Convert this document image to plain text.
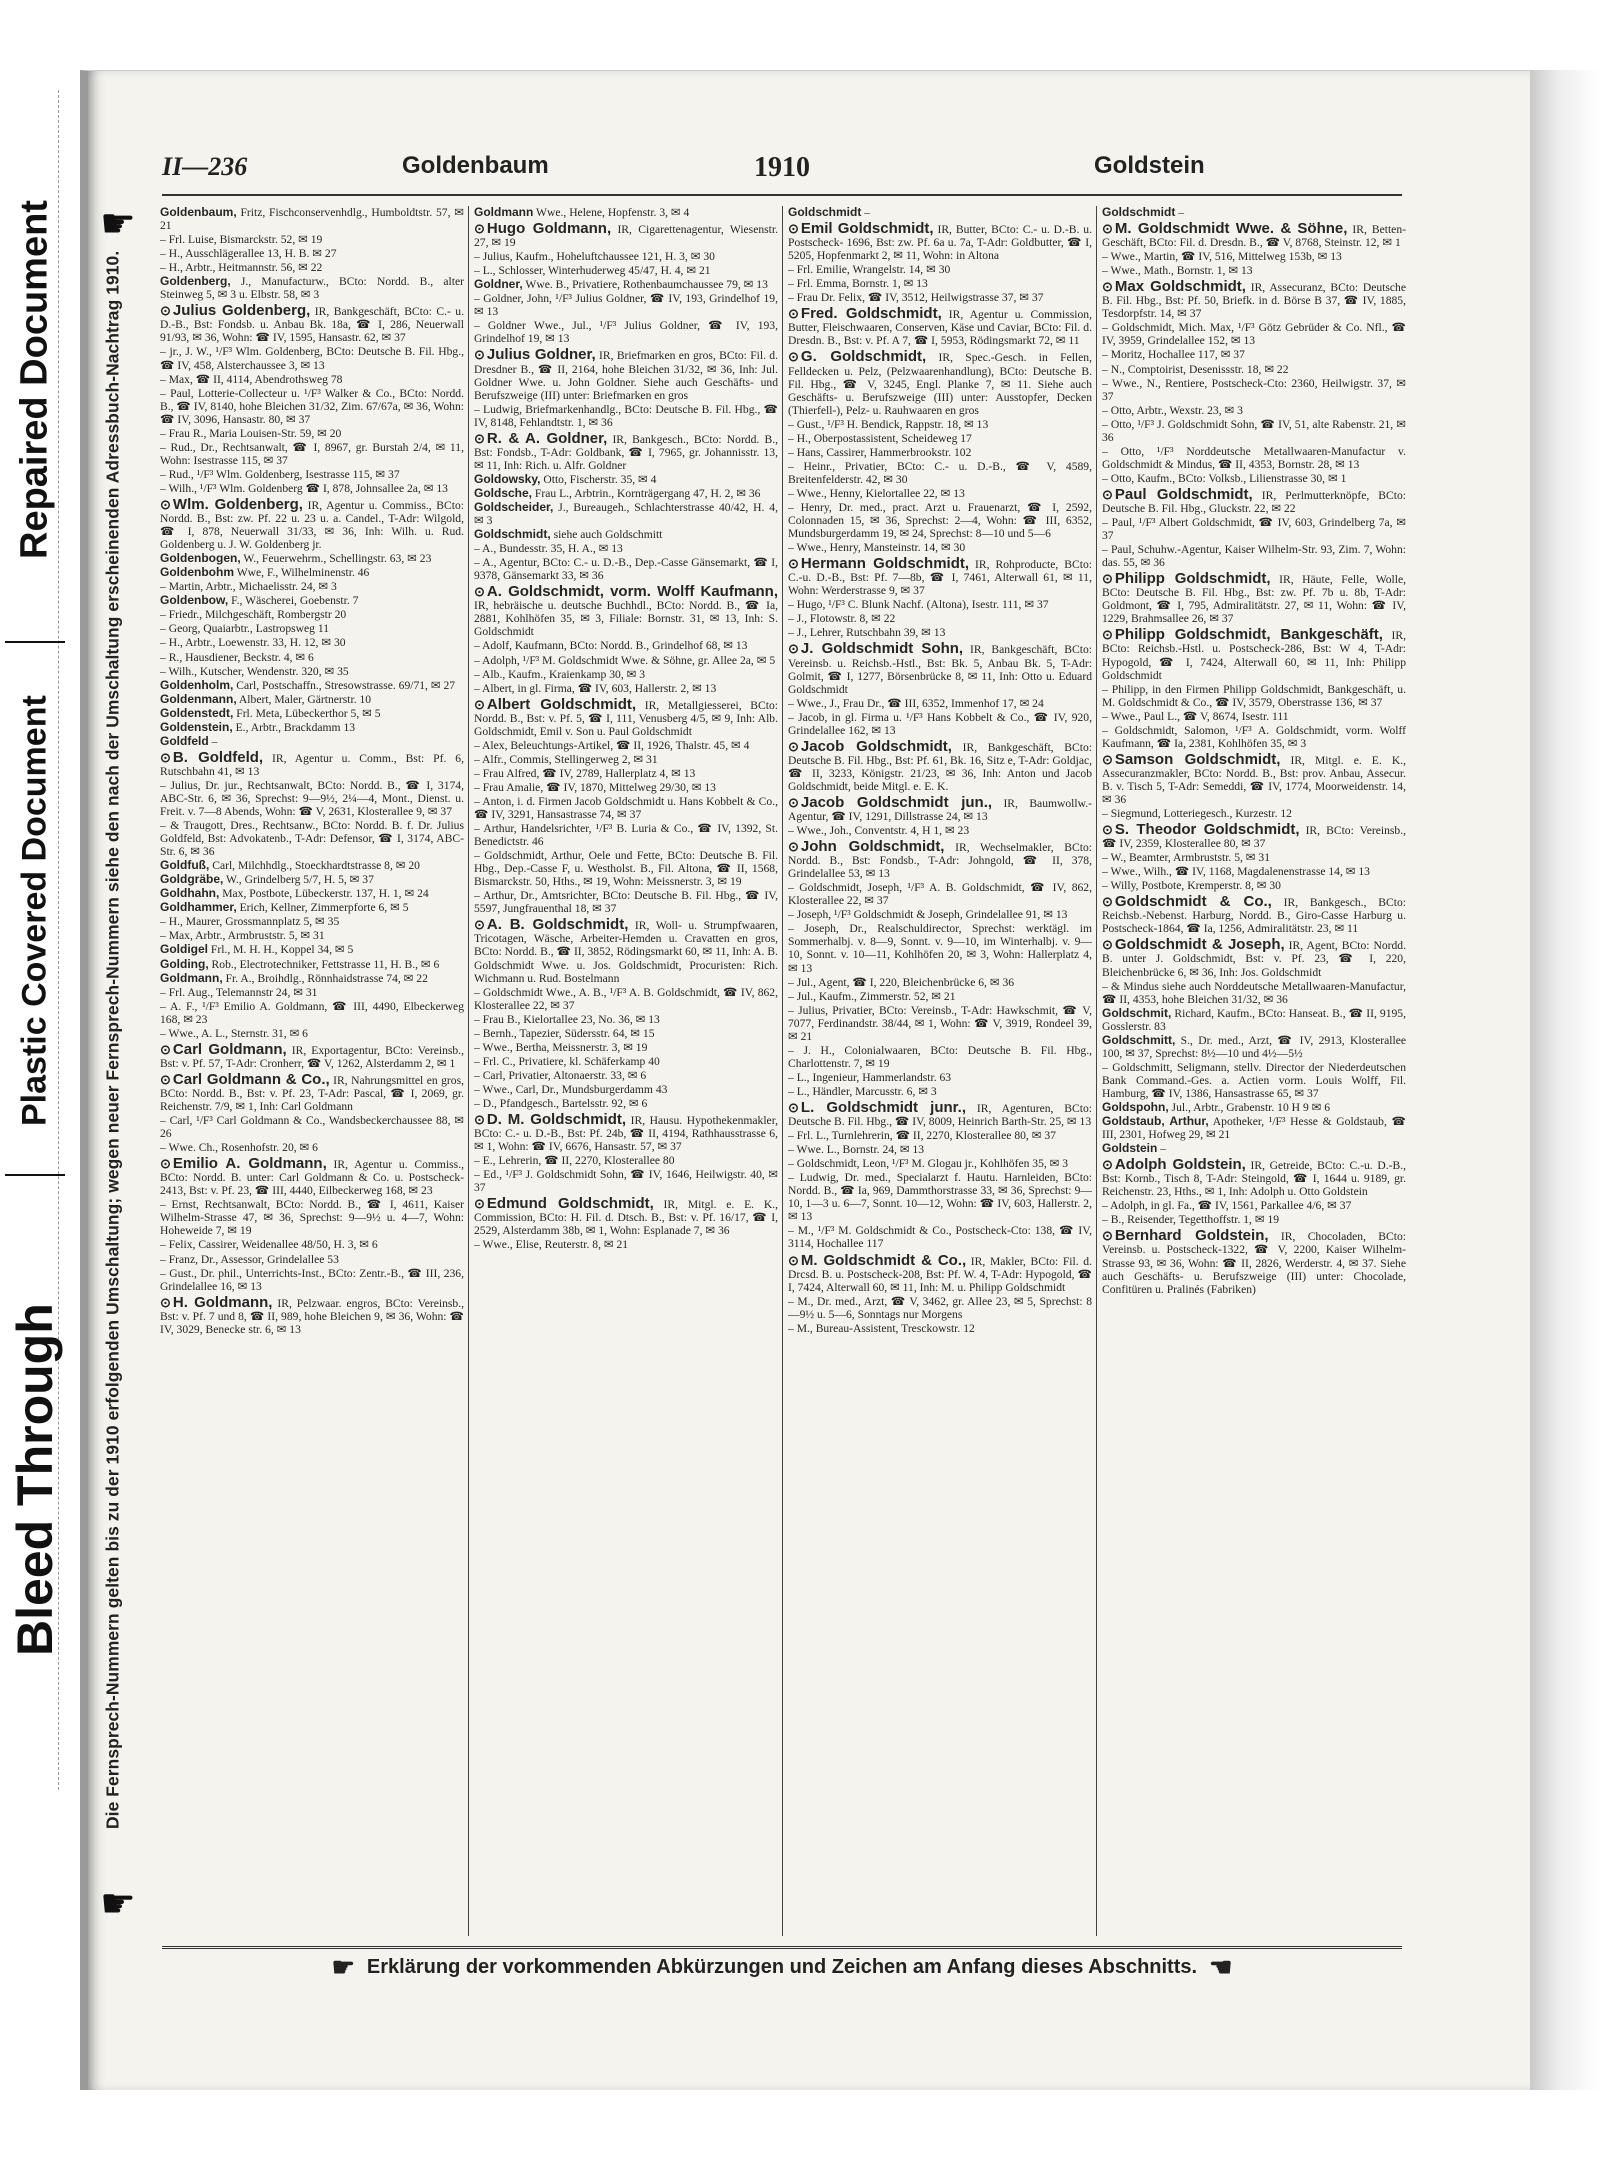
Repaired Document
Plastic Covered Document
Bleed Through
☛
Die Fernsprech-Nummern gelten bis zu der 1910 erfolgenden Umschaltung; wegen neuer Fernsprech-Nummern siehe den nach der Umschaltung erscheinenden Adressbuch-Nachtrag 1910.
☛
II—236	Goldenbaum	1910	Goldstein
Goldenbaum, Fritz, Fischconservenhdlg., Humboldtstr. 57, ✉ 21
– Frl. Luise, Bismarckstr. 52, ✉ 19
– H., Ausschlägerallee 13, H. B. ✉ 27
– H., Arbtr., Heitmannstr. 56, ✉ 22
Goldenberg, J., Manufacturw., BCto: Nordd. B., alter Steinweg 5, ✉ 3 u. Elbstr. 58, ✉ 3
⊙ Julius Goldenberg, IR, Bankgeschäft, BCto: C.- u. D.-B., Bst: Fondsb. u. Anbau Bk. 18a, ☎ I, 286, Neuerwall 91/93, ✉ 36, Wohn: ☎ IV, 1595, Hansastr. 62, ✉ 37
– jr., J. W., ¹/F³ Wlm. Goldenberg, BCto: Deutsche B. Fil. Hbg., ☎ IV, 458, Alsterchaussee 3, ✉ 13
– Max, ☎ II, 4114, Abendrothsweg 78
– Paul, Lotterie-Collecteur u. ¹/F³ Walker & Co., BCto: Nordd. B., ☎ IV, 8140, hohe Bleichen 31/32, Zim. 67/67a, ✉ 36, Wohn: ☎ IV, 3096, Hansastr. 80, ✉ 37
– Frau R., Maria Louisen-Str. 59, ✉ 20
– Rud., Dr., Rechtsanwalt, ☎ I, 8967, gr. Burstah 2/4, ✉ 11, Wohn: Isestrasse 115, ✉ 37
– Rud., ¹/F³ Wlm. Goldenberg, Isestrasse 115, ✉ 37
– Wilh., ¹/F³ Wlm. Goldenberg ☎ I, 878, Johnsallee 2a, ✉ 13
⊙ Wlm. Goldenberg, IR, Agentur u. Commiss., BCto: Nordd. B., Bst: zw. Pf. 22 u. 23 u. a. Candel., T-Adr: Wilgold, ☎ I, 878, Neuerwall 31/33, ✉ 36, Inh: Wilh. u. Rud. Goldenberg u. J. W. Goldenberg jr.
Goldenbogen, W., Feuerwehrm., Schellingstr. 63, ✉ 23
Goldenbohm Wwe, F., Wilhelminenstr. 46
– Martin, Arbtr., Michaelisstr. 24, ✉ 3
Goldenbow, F., Wäscherei, Goebenstr. 7
– Friedr., Milchgeschäft, Rombergstr 20
– Georg, Quaiarbtr., Lastropsweg 11
– H., Arbtr., Loewenstr. 33, H. 12, ✉ 30
– R., Hausdiener, Beckstr. 4, ✉ 6
– Wilh., Kutscher, Wendenstr. 320, ✉ 35
Goldenholm, Carl, Postschaffn., Stresowstrasse. 69/71, ✉ 27
Goldenmann, Albert, Maler, Gärtnerstr. 10
Goldenstedt, Frl. Meta, Lübeckerthor 5, ✉ 5
Goldenstein, E., Arbtr., Brackdamm 13
Goldfeld –
⊙ B. Goldfeld, IR, Agentur u. Comm., Bst: Pf. 6, Rutschbahn 41, ✉ 13
– Julius, Dr. jur., Rechtsanwalt, BCto: Nordd. B., ☎ I, 3174, ABC-Str. 6, ✉ 36, Sprechst: 9—9½, 2¼—4, Mont., Dienst. u. Freit. v. 7—8 Abends, Wohn: ☎ V, 2631, Klosterallee 9, ✉ 37
– & Traugott, Dres., Rechtsanw., BCto: Nordd. B. f. Dr. Julius Goldfeld, Bst: Advokatenb., T-Adr: Defensor, ☎ I, 3174, ABC-Str. 6, ✉ 36
Goldfuß, Carl, Milchhdlg., Stoeckhardtstrasse 8, ✉ 20
Goldgräbe, W., Grindelberg 5/7, H. 5, ✉ 37
Goldhahn, Max, Postbote, Lübeckerstr. 137, H. 1, ✉ 24
Goldhammer, Erich, Kellner, Zimmerpforte 6, ✉ 5
– H., Maurer, Grossmannplatz 5, ✉ 35
– Max, Arbtr., Armbruststr. 5, ✉ 31
Goldigel Frl., M. H. H., Koppel 34, ✉ 5
Golding, Rob., Electrotechniker, Fettstrasse 11, H. B., ✉ 6
Goldmann, Fr. A., Broihdlg., Rönnhaidstrasse 74, ✉ 22
– Frl. Aug., Telemannstr 24, ✉ 31
– A. F., ¹/F³ Emilio A. Goldmann, ☎ III, 4490, Elbeckerweg 168, ✉ 23
– Wwe., A. L., Sternstr. 31, ✉ 6
⊙ Carl Goldmann, IR, Exportagentur, BCto: Vereinsb., Bst: v. Pf. 57, T-Adr: Cronherr, ☎ V, 1262, Alsterdamm 2, ✉ 1
⊙ Carl Goldmann & Co., IR, Nahrungsmittel en gros, BCto: Nordd. B., Bst: v. Pf. 23, T-Adr: Pascal, ☎ I, 2069, gr. Reichenstr. 7/9, ✉ 1, Inh: Carl Goldmann
– Carl, ¹/F³ Carl Goldmann & Co., Wandsbeckerchaussee 88, ✉ 26
– Wwe. Ch., Rosenhofstr. 20, ✉ 6
⊙ Emilio A. Goldmann, IR, Agentur u. Commiss., BCto: Nordd. B. unter: Carl Goldmann & Co. u. Postscheck-2413, Bst: v. Pf. 23, ☎ III, 4440, Eilbeckerweg 168, ✉ 23
– Ernst, Rechtsanwalt, BCto: Nordd. B., ☎ I, 4611, Kaiser Wilhelm-Strasse 47, ✉ 36, Sprechst: 9—9½ u. 4—7, Wohn: Hoheweide 7, ✉ 19
– Felix, Cassirer, Weidenallee 48/50, H. 3, ✉ 6
– Franz, Dr., Assessor, Grindelallee 53
– Gust., Dr. phil., Unterrichts-Inst., BCto: Zentr.-B., ☎ III, 236, Grindelallee 16, ✉ 13
⊙ H. Goldmann, IR, Pelzwaar. engros, BCto: Vereinsb., Bst: v. Pf. 7 und 8, ☎ II, 989, hohe Bleichen 9, ✉ 36, Wohn: ☎ IV, 3029, Benecke str. 6, ✉ 13
Goldmann Wwe., Helene, Hopfenstr. 3, ✉ 4
⊙ Hugo Goldmann, IR, Cigarettenagentur, Wiesenstr. 27, ✉ 19
– Julius, Kaufm., Hoheluftchaussee 121, H. 3, ✉ 30
– L., Schlosser, Winterhuderweg 45/47, H. 4, ✉ 21
Goldner, Wwe. B., Privatiere, Rothenbaumchaussee 79, ✉ 13
– Goldner, John, ¹/F³ Julius Goldner, ☎ IV, 193, Grindelhof 19, ✉ 13
– Goldner Wwe., Jul., ¹/F³ Julius Goldner, ☎ IV, 193, Grindelhof 19, ✉ 13
⊙ Julius Goldner, IR, Briefmarken en gros, BCto: Fil. d. Dresdner B., ☎ II, 2164, hohe Bleichen 31/32, ✉ 36, Inh: Jul. Goldner Wwe. u. John Goldner. Siehe auch Geschäfts- und Berufszweige (III) unter: Briefmarken en gros
– Ludwig, Briefmarkenhandlg., BCto: Deutsche B. Fil. Hbg., ☎ IV, 8148, Fehlandtstr. 1, ✉ 36
⊙ R. & A. Goldner, IR, Bankgesch., BCto: Nordd. B., Bst: Fondsb., T-Adr: Goldbank, ☎ I, 7965, gr. Johannisstr. 13, ✉ 11, Inh: Rich. u. Alfr. Goldner
Goldowsky, Otto, Fischerstr. 35, ✉ 4
Goldsche, Frau L., Arbtrin., Kornträgergang 47, H. 2, ✉ 36
Goldscheider, J., Bureaugeh., Schlachterstrasse 40/42, H. 4, ✉ 3
Goldschmidt, siehe auch Goldschmitt
– A., Bundesstr. 35, H. A., ✉ 13
– A., Agentur, BCto: C.- u. D.-B., Dep.-Casse Gänsemarkt, ☎ I, 9378, Gänsemarkt 33, ✉ 36
⊙ A. Goldschmidt, vorm. Wolff Kaufmann, IR, hebräische u. deutsche Buchhdl., BCto: Nordd. B., ☎ Ia, 2881, Kohlhöfen 35, ✉ 3, Filiale: Bornstr. 31, ✉ 13, Inh: S. Goldschmidt
– Adolf, Kaufmann, BCto: Nordd. B., Grindelhof 68, ✉ 13
– Adolph, ¹/F³ M. Goldschmidt Wwe. & Söhne, gr. Allee 2a, ✉ 5
– Alb., Kaufm., Kraienkamp 30, ✉ 3
– Albert, in gl. Firma, ☎ IV, 603, Hallerstr. 2, ✉ 13
⊙ Albert Goldschmidt, IR, Metallgiesserei, BCto: Nordd. B., Bst: v. Pf. 5, ☎ I, 111, Venusberg 4/5, ✉ 9, Inh: Alb. Goldschmidt, Emil v. Son u. Paul Goldschmidt
– Alex, Beleuchtungs-Artikel, ☎ II, 1926, Thalstr. 45, ✉ 4
– Alfr., Commis, Stellingerweg 2, ✉ 31
– Frau Alfred, ☎ IV, 2789, Hallerplatz 4, ✉ 13
– Frau Amalie, ☎ IV, 1870, Mittelweg 29/30, ✉ 13
– Anton, i. d. Firmen Jacob Goldschmidt u. Hans Kobbelt & Co., ☎ IV, 3291, Hansastrasse 74, ✉ 37
– Arthur, Handelsrichter, ¹/F³ B. Luria & Co., ☎ IV, 1392, St. Benedictstr. 46
– Goldschmidt, Arthur, Oele und Fette, BCto: Deutsche B. Fil. Hbg., Dep.-Casse F, u. Westholst. B., Fil. Altona, ☎ II, 1568, Bismarckstr. 50, Hths., ✉ 19, Wohn: Meissnerstr. 3, ✉ 19
– Arthur, Dr., Amtsrichter, BCto: Deutsche B. Fil. Hbg., ☎ IV, 5597, Jungfrauenthal 18, ✉ 37
⊙ A. B. Goldschmidt, IR, Woll- u. Strumpfwaaren, Tricotagen, Wäsche, Arbeiter-Hemden u. Cravatten en gros, BCto: Nordd. B., ☎ II, 3852, Rödingsmarkt 60, ✉ 11, Inh: A. B. Goldschmidt Wwe. u. Jos. Goldschmidt, Procuristen: Rich. Wichmann u. Rud. Bostelmann
– Goldschmidt Wwe., A. B., ¹/F³ A. B. Goldschmidt, ☎ IV, 862, Klosterallee 22, ✉ 37
– Frau B., Kielortallee 23, No. 36, ✉ 13
– Bernh., Tapezier, Südersstr. 64, ✉ 15
– Wwe., Bertha, Meissnerstr. 3, ✉ 19
– Frl. C., Privatiere, kl. Schäferkamp 40
– Carl, Privatier, Altonaerstr. 33, ✉ 6
– Wwe., Carl, Dr., Mundsburgerdamm 43
– D., Pfandgesch., Bartelsstr. 92, ✉ 6
⊙ D. M. Goldschmidt, IR, Hausu. Hypothekenmakler, BCto: C.- u. D.-B., Bst: Pf. 24b, ☎ II, 4194, Rathhausstrasse 6, ✉ 1, Wohn: ☎ IV, 6676, Hansastr. 57, ✉ 37
– E., Lehrerin, ☎ II, 2270, Klosterallee 80
– Ed., ¹/F³ J. Goldschmidt Sohn, ☎ IV, 1646, Heilwigstr. 40, ✉ 37
⊙ Edmund Goldschmidt, IR, Mitgl. e. E. K., Commission, BCto: H. Fil. d. Dtsch. B., Bst: v. Pf. 16/17, ☎ I, 2529, Alsterdamm 38b, ✉ 1, Wohn: Esplanade 7, ✉ 36
– Wwe., Elise, Reuterstr. 8, ✉ 21
Goldschmidt –
⊙ Emil Goldschmidt, IR, Butter, BCto: C.- u. D.-B. u. Postscheck- 1696, Bst: zw. Pf. 6a u. 7a, T-Adr: Goldbutter, ☎ I, 5205, Hopfenmarkt 2, ✉ 11, Wohn: in Altona
– Frl. Emilie, Wrangelstr. 14, ✉ 30
– Frl. Emma, Bornstr. 1, ✉ 13
– Frau Dr. Felix, ☎ IV, 3512, Heilwigstrasse 37, ✉ 37
⊙ Fred. Goldschmidt, IR, Agentur u. Commission, Butter, Fleischwaaren, Conserven, Käse und Caviar, BCto: Fil. d. Dresdn. B., Bst: v. Pf. A 7, ☎ I, 5953, Rödingsmarkt 72, ✉ 11
⊙ G. Goldschmidt, IR, Spec.-Gesch. in Fellen, Felldecken u. Pelz, (Pelzwaarenhandlung), BCto: Deutsche B. Fil. Hbg., ☎ V, 3245, Engl. Planke 7, ✉ 11. Siehe auch Geschäfts- u. Berufszweige (III) unter: Ausstopfer, Decken (Thierfell-), Pelz- u. Rauhwaaren en gros
– Gust., ¹/F³ H. Bendick, Rappstr. 18, ✉ 13
– H., Oberpostassistent, Scheideweg 17
– Hans, Cassirer, Hammerbrookstr. 102
– Heinr., Privatier, BCto: C.- u. D.-B., ☎ V, 4589, Breitenfelderstr. 42, ✉ 30
– Wwe., Henny, Kielortallee 22, ✉ 13
– Henry, Dr. med., pract. Arzt u. Frauenarzt, ☎ I, 2592, Colonnaden 15, ✉ 36, Sprechst: 2—4, Wohn: ☎ III, 6352, Mundsburgerdamm 19, ✉ 24, Sprechst: 8—10 und 5—6
– Wwe., Henry, Mansteinstr. 14, ✉ 30
⊙ Hermann Goldschmidt, IR, Rohproducte, BCto: C.-u. D.-B., Bst: Pf. 7—8b, ☎ I, 7461, Alterwall 61, ✉ 11, Wohn: Werderstrasse 9, ✉ 37
– Hugo, ¹/F³ C. Blunk Nachf. (Altona), Isestr. 111, ✉ 37
– J., Flotowstr. 8, ✉ 22
– J., Lehrer, Rutschbahn 39, ✉ 13
⊙ J. Goldschmidt Sohn, IR, Bankgeschäft, BCto: Vereinsb. u. Reichsb.-Hstl., Bst: Bk. 5, Anbau Bk. 5, T-Adr: Golmit, ☎ I, 1277, Börsenbrücke 8, ✉ 11, Inh: Otto u. Eduard Goldschmidt
– Wwe., J., Frau Dr., ☎ III, 6352, Immenhof 17, ✉ 24
– Jacob, in gl. Firma u. ¹/F³ Hans Kobbelt & Co., ☎ IV, 920, Grindelallee 162, ✉ 13
⊙ Jacob Goldschmidt, IR, Bankgeschäft, BCto: Deutsche B. Fil. Hbg., Bst: Pf. 61, Bk. 16, Sitz e, T-Adr: Goldjac, ☎ II, 3233, Königstr. 21/23, ✉ 36, Inh: Anton und Jacob Goldschmidt, beide Mitgl. e. E. K.
⊙ Jacob Goldschmidt jun., IR, Baumwollw.-Agentur, ☎ IV, 1291, Dillstrasse 24, ✉ 13
– Wwe., Joh., Conventstr. 4, H 1, ✉ 23
⊙ John Goldschmidt, IR, Wechselmakler, BCto: Nordd. B., Bst: Fondsb., T-Adr: Johngold, ☎ II, 378, Grindelallee 53, ✉ 13
– Goldschmidt, Joseph, ¹/F³ A. B. Goldschmidt, ☎ IV, 862, Klosterallee 22, ✉ 37
– Joseph, ¹/F³ Goldschmidt & Joseph, Grindelallee 91, ✉ 13
– Joseph, Dr., Realschuldirector, Sprechst: werktägl. im Sommerhalbj. v. 8—9, Sonnt. v. 9—10, im Winterhalbj. v. 9—10, Sonnt. v. 10—11, Kohlhöfen 20, ✉ 3, Wohn: Hallerplatz 4, ✉ 13
– Jul., Agent, ☎ I, 220, Bleichenbrücke 6, ✉ 36
– Jul., Kaufm., Zimmerstr. 52, ✉ 21
– Julius, Privatier, BCto: Vereinsb., T-Adr: Hawkschmit, ☎ V, 7077, Ferdinandstr. 38/44, ✉ 1, Wohn: ☎ V, 3919, Rondeel 39, ✉ 21
– J. H., Colonialwaaren, BCto: Deutsche B. Fil. Hbg., Charlottenstr. 7, ✉ 19
– L., Ingenieur, Hammerlandstr. 63
– L., Händler, Marcusstr. 6, ✉ 3
⊙ L. Goldschmidt junr., IR, Agenturen, BCto: Deutsche B. Fil. Hbg., ☎ IV, 8009, Heinrich Barth-Str. 25, ✉ 13
– Frl. L., Turnlehrerin, ☎ II, 2270, Klosterallee 80, ✉ 37
– Wwe. L., Bornstr. 24, ✉ 13
– Goldschmidt, Leon, ¹/F³ M. Glogau jr., Kohlhöfen 35, ✉ 3
– Ludwig, Dr. med., Specialarzt f. Hautu. Harnleiden, BCto: Nordd. B., ☎ Ia, 969, Dammthorstrasse 33, ✉ 36, Sprechst: 9—10, 1—3 u. 6—7, Sonnt. 10—12, Wohn: ☎ IV, 603, Hallerstr. 2, ✉ 13
– M., ¹/F³ M. Goldschmidt & Co., Postscheck-Cto: 138, ☎ IV, 3114, Hochallee 117
⊙ M. Goldschmidt & Co., IR, Makler, BCto: Fil. d. Drcsd. B. u. Postscheck-208, Bst: Pf. W. 4, T-Adr: Hypogold, ☎ I, 7424, Alterwall 60, ✉ 11, Inh: M. u. Philipp Goldschmidt
– M., Dr. med., Arzt, ☎ V, 3462, gr. Allee 23, ✉ 5, Sprechst: 8—9½ u. 5—6, Sonntags nur Morgens
– M., Bureau-Assistent, Tresckowstr. 12
Goldschmidt –
⊙ M. Goldschmidt Wwe. & Söhne, IR, Betten-Geschäft, BCto: Fil. d. Dresdn. B., ☎ V, 8768, Steinstr. 12, ✉ 1
– Wwe., Martin, ☎ IV, 516, Mittelweg 153b, ✉ 13
– Wwe., Math., Bornstr. 1, ✉ 13
⊙ Max Goldschmidt, IR, Assecuranz, BCto: Deutsche B. Fil. Hbg., Bst: Pf. 50, Briefk. in d. Börse B 37, ☎ IV, 1885, Tesdorpfstr. 14, ✉ 37
– Goldschmidt, Mich. Max, ¹/F³ Götz Gebrüder & Co. Nfl., ☎ IV, 3959, Grindelallee 152, ✉ 13
– Moritz, Hochallee 117, ✉ 37
– N., Comptoirist, Desenissstr. 18, ✉ 22
– Wwe., N., Rentiere, Postscheck-Cto: 2360, Heilwigstr. 37, ✉ 37
– Otto, Arbtr., Wexstr. 23, ✉ 3
– Otto, ¹/F³ J. Goldschmidt Sohn, ☎ IV, 51, alte Rabenstr. 21, ✉ 36
– Otto, ¹/F³ Norddeutsche Metallwaaren-Manufactur v. Goldschmidt & Mindus, ☎ II, 4353, Bornstr. 28, ✉ 13
– Otto, Kaufm., BCto: Volksb., Lilienstrasse 30, ✉ 1
⊙ Paul Goldschmidt, IR, Perlmutterknöpfe, BCto: Deutsche B. Fil. Hbg., Gluckstr. 22, ✉ 22
– Paul, ¹/F³ Albert Goldschmidt, ☎ IV, 603, Grindelberg 7a, ✉ 37
– Paul, Schuhw.-Agentur, Kaiser Wilhelm-Str. 93, Zim. 7, Wohn: das. 55, ✉ 36
⊙ Philipp Goldschmidt, IR, Häute, Felle, Wolle, BCto: Deutsche B. Fil. Hbg., Bst: zw. Pf. 7b u. 8b, T-Adr: Goldmont, ☎ I, 795, Admiralitätstr. 27, ✉ 11, Wohn: ☎ IV, 1229, Brahmsallee 26, ✉ 37
⊙ Philipp Goldschmidt, Bankgeschäft, IR, BCto: Reichsb.-Hstl. u. Postscheck-286, Bst: W 4, T-Adr: Hypogold, ☎ I, 7424, Alterwall 60, ✉ 11, Inh: Philipp Goldschmidt
– Philipp, in den Firmen Philipp Goldschmidt, Bankgeschäft, u. M. Goldschmidt & Co., ☎ IV, 3579, Oberstrasse 136, ✉ 37
– Wwe., Paul L., ☎ V, 8674, Isestr. 111
– Goldschmidt, Salomon, ¹/F³ A. Goldschmidt, vorm. Wolff Kaufmann, ☎ Ia, 2381, Kohlhöfen 35, ✉ 3
⊙ Samson Goldschmidt, IR, Mitgl. e. E. K., Assecuranzmakler, BCto: Nordd. B., Bst: prov. Anbau, Assecur. B. v. Tisch 5, T-Adr: Semeddi, ☎ IV, 1774, Moorweidenstr. 14, ✉ 36
– Siegmund, Lotteriegesch., Kurzestr. 12
⊙ S. Theodor Goldschmidt, IR, BCto: Vereinsb., ☎ IV, 2359, Klosterallee 80, ✉ 37
– W., Beamter, Armbruststr. 5, ✉ 31
– Wwe., Wilh., ☎ IV, 1168, Magdalenenstrasse 14, ✉ 13
– Willy, Postbote, Kremperstr. 8, ✉ 30
⊙ Goldschmidt & Co., IR, Bankgesch., BCto: Reichsb.-Nebenst. Harburg, Nordd. B., Giro-Casse Harburg u. Postscheck-1864, ☎ Ia, 1256, Admiralitätstr. 23, ✉ 11
⊙ Goldschmidt & Joseph, IR, Agent, BCto: Nordd. B. unter J. Goldschmidt, Bst: v. Pf. 23, ☎ I, 220, Bleichenbrücke 6, ✉ 36, Inh: Jos. Goldschmidt
– & Mindus siehe auch Norddeutsche Metallwaaren-Manufactur, ☎ II, 4353, hohe Bleichen 31/32, ✉ 36
Goldschmit, Richard, Kaufm., BCto: Hanseat. B., ☎ II, 9195, Gosslerstr. 83
Goldschmitt, S., Dr. med., Arzt, ☎ IV, 2913, Klosterallee 100, ✉ 37, Sprechst: 8½—10 und 4½—5½
– Goldschmitt, Seligmann, stellv. Director der Niederdeutschen Bank Command.-Ges. a. Actien vorm. Louis Wolff, Fil. Hamburg, ☎ IV, 1386, Hansastrasse 65, ✉ 37
Goldspohn, Jul., Arbtr., Grabenstr. 10 H 9 ✉ 6
Goldstaub, Arthur, Apotheker, ¹/F³ Hesse & Goldstaub, ☎ III, 2301, Hofweg 29, ✉ 21
Goldstein –
⊙ Adolph Goldstein, IR, Getreide, BCto: C.-u. D.-B., Bst: Kornb., Tisch 8, T-Adr: Steingold, ☎ I, 1644 u. 9189, gr. Reichenstr. 23, Hths., ✉ 1, Inh: Adolph u. Otto Goldstein
– Adolph, in gl. Fa., ☎ IV, 1561, Parkallee 4/6, ✉ 37
– B., Reisender, Tegetthoffstr. 1, ✉ 19
⊙ Bernhard Goldstein, IR, Chocoladen, BCto: Vereinsb. u. Postscheck-1322, ☎ V, 2200, Kaiser Wilhelm-Strasse 93, ✉ 36, Wohn: ☎ II, 2826, Werderstr. 4, ✉ 37. Siehe auch Geschäfts- u. Berufszweige (III) unter: Chocolade, Confitüren u. Pralinés (Fabriken)
☛ Erklärung der vorkommenden Abkürzungen und Zeichen am Anfang dieses Abschnitts. ☚
